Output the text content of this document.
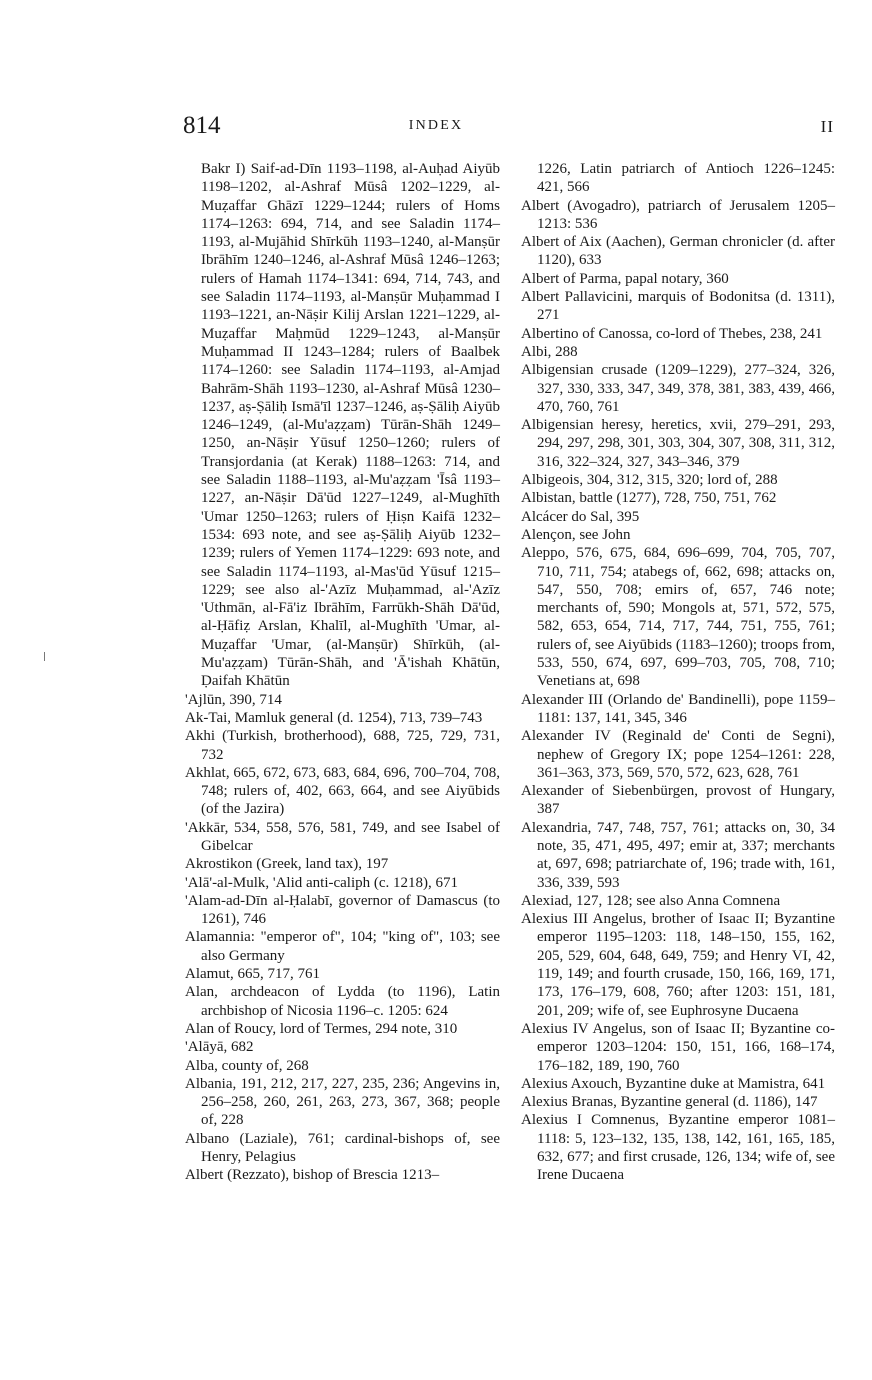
814	INDEX	II

Bakr I) Saif-ad-Dīn 1193–1198, al-Auḥad Aiyūb 1198–1202, al-Ashraf Mūsâ 1202–1229, al-Muẓaffar Ghāzī 1229–1244; rulers of Homs 1174–1263: 694, 714, and see Saladin 1174–1193, al-Mujāhid Shīrkūh 1193–1240, al-Manṣūr Ibrāhīm 1240–1246, al-Ashraf Mūsâ 1246–1263; rulers of Hamah 1174–1341: 694, 714, 743, and see Saladin 1174–1193, al-Manṣūr Muḥammad I 1193–1221, an-Nāṣir Kilij Arslan 1221–1229, al-Muẓaffar Maḥmūd 1229–1243, al-Manṣūr Muḥammad II 1243–1284; rulers of Baalbek 1174–1260: see Saladin 1174–1193, al-Amjad Bahrām-Shāh 1193–1230, al-Ashraf Mūsâ 1230–1237, aṣ-Ṣāliḥ Ismā'īl 1237–1246, aṣ-Ṣāliḥ Aiyūb 1246–1249, (al-Mu'aẓẓam) Tūrān-Shāh 1249–1250, an-Nāṣir Yūsuf 1250–1260; rulers of Transjordania (at Kerak) 1188–1263: 714, and see Saladin 1188–1193, al-Mu'aẓẓam 'Īsâ 1193–1227, an-Nāṣir Dā'ūd 1227–1249, al-Mughīth 'Umar 1250–1263; rulers of Ḥiṣn Kaifā 1232–1534: 693 note, and see aṣ-Ṣāliḥ Aiyūb 1232–1239; rulers of Yemen 1174–1229: 693 note, and see Saladin 1174–1193, al-Mas'ūd Yūsuf 1215–1229; see also al-'Azīz Muḥammad, al-'Azīz 'Uthmān, al-Fā'iz Ibrāhīm, Farrūkh-Shāh Dā'ūd, al-Ḥāfiẓ Arslan, Khalīl, al-Mughīth 'Umar, al-Muẓaffar 'Umar, (al-Manṣūr) Shīrkūh, (al-Mu'aẓẓam) Tūrān-Shāh, and 'Ā'ishah Khātūn, Ḍaifah Khātūn

'Ajlūn, 390, 714

Ak-Tai, Mamluk general (d. 1254), 713, 739–743

Akhi (Turkish, brotherhood), 688, 725, 729, 731, 732

Akhlat, 665, 672, 673, 683, 684, 696, 700–704, 708, 748; rulers of, 402, 663, 664, and see Aiyūbids (of the Jazira)

'Akkār, 534, 558, 576, 581, 749, and see Isabel of Gibelcar

Akrostikon (Greek, land tax), 197

'Alā'-al-Mulk, 'Alid anti-caliph (c. 1218), 671

'Alam-ad-Dīn al-Ḥalabī, governor of Damascus (to 1261), 746

Alamannia: "emperor of", 104; "king of", 103; see also Germany

Alamut, 665, 717, 761

Alan, archdeacon of Lydda (to 1196), Latin archbishop of Nicosia 1196–c. 1205: 624

Alan of Roucy, lord of Termes, 294 note, 310

'Alāyā, 682

Alba, county of, 268

Albania, 191, 212, 217, 227, 235, 236; Angevins in, 256–258, 260, 261, 263, 273, 367, 368; people of, 228

Albano (Laziale), 761; cardinal-bishops of, see Henry, Pelagius

Albert (Rezzato), bishop of Brescia 1213–

1226, Latin patriarch of Antioch 1226–1245: 421, 566

Albert (Avogadro), patriarch of Jerusalem 1205–1213: 536

Albert of Aix (Aachen), German chronicler (d. after 1120), 633

Albert of Parma, papal notary, 360

Albert Pallavicini, marquis of Bodonitsa (d. 1311), 271

Albertino of Canossa, co-lord of Thebes, 238, 241

Albi, 288

Albigensian crusade (1209–1229), 277–324, 326, 327, 330, 333, 347, 349, 378, 381, 383, 439, 466, 470, 760, 761

Albigensian heresy, heretics, xvii, 279–291, 293, 294, 297, 298, 301, 303, 304, 307, 308, 311, 312, 316, 322–324, 327, 343–346, 379

Albigeois, 304, 312, 315, 320; lord of, 288

Albistan, battle (1277), 728, 750, 751, 762

Alcácer do Sal, 395

Alençon, see John

Aleppo, 576, 675, 684, 696–699, 704, 705, 707, 710, 711, 754; atabegs of, 662, 698; attacks on, 547, 550, 708; emirs of, 657, 746 note; merchants of, 590; Mongols at, 571, 572, 575, 582, 653, 654, 714, 717, 744, 751, 755, 761; rulers of, see Aiyūbids (1183–1260); troops from, 533, 550, 674, 697, 699–703, 705, 708, 710; Venetians at, 698

Alexander III (Orlando de' Bandinelli), pope 1159–1181: 137, 141, 345, 346

Alexander IV (Reginald de' Conti de Segni), nephew of Gregory IX; pope 1254–1261: 228, 361–363, 373, 569, 570, 572, 623, 628, 761

Alexander of Siebenbürgen, provost of Hungary, 387

Alexandria, 747, 748, 757, 761; attacks on, 30, 34 note, 35, 471, 495, 497; emir at, 337; merchants at, 697, 698; patriarchate of, 196; trade with, 161, 336, 339, 593

Alexiad, 127, 128; see also Anna Comnena

Alexius III Angelus, brother of Isaac II; Byzantine emperor 1195–1203: 118, 148–150, 155, 162, 205, 529, 604, 648, 649, 759; and Henry VI, 42, 119, 149; and fourth crusade, 150, 166, 169, 171, 173, 176–179, 608, 760; after 1203: 151, 181, 201, 209; wife of, see Euphrosyne Ducaena

Alexius IV Angelus, son of Isaac II; Byzantine co-emperor 1203–1204: 150, 151, 166, 168–174, 176–182, 189, 190, 760

Alexius Axouch, Byzantine duke at Mamistra, 641

Alexius Branas, Byzantine general (d. 1186), 147

Alexius I Comnenus, Byzantine emperor 1081–1118: 5, 123–132, 135, 138, 142, 161, 165, 185, 632, 677; and first crusade, 126, 134; wife of, see Irene Ducaena
